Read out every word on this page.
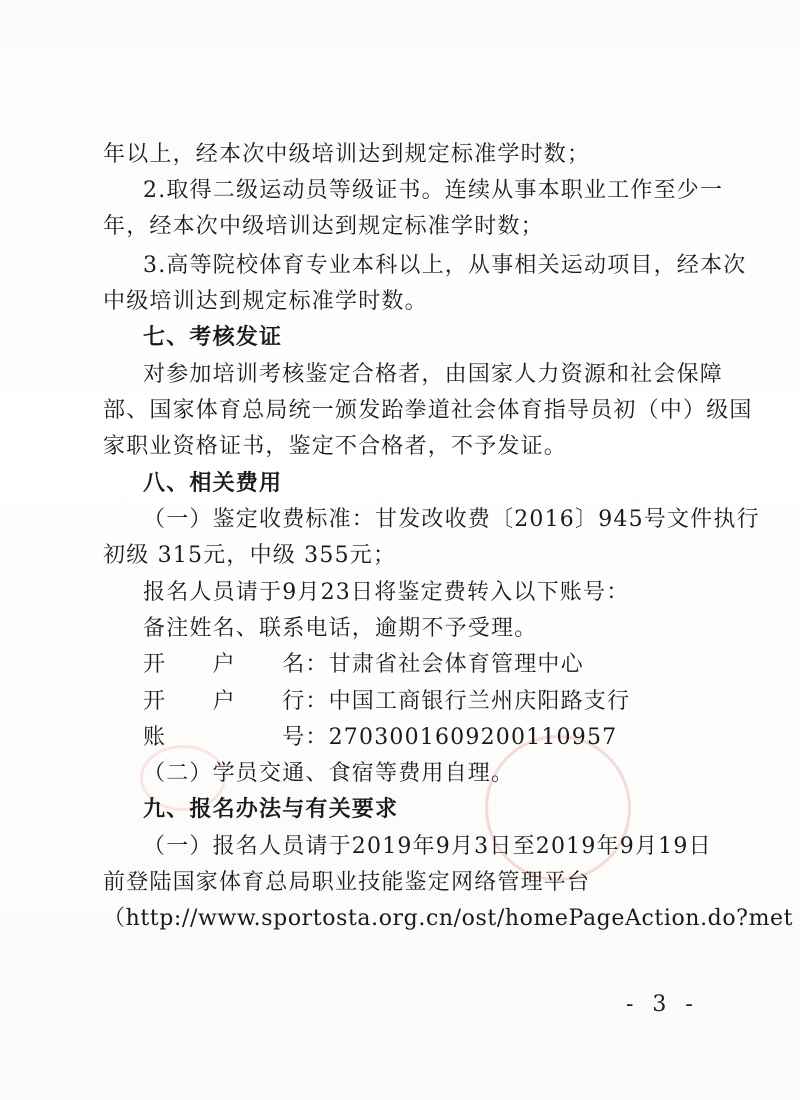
年以上，经本次中级培训达到规定标准学时数；
2.取得二级运动员等级证书。连续从事本职业工作至少一
年，经本次中级培训达到规定标准学时数；
3.高等院校体育专业本科以上，从事相关运动项目，经本次
中级培训达到规定标准学时数。
七、考核发证
对参加培训考核鉴定合格者，由国家人力资源和社会保障
部、国家体育总局统一颁发跆拳道社会体育指导员初（中）级国
家职业资格证书，鉴定不合格者，不予发证。
八、相关费用
（一）鉴定收费标准：甘发改收费〔2016〕945号文件执行
初级 315元，中级 355元；
报名人员请于9月23日将鉴定费转入以下账号：
备注姓名、联系电话，逾期不予受理。
开　　户　　名：甘肃省社会体育管理中心
开　　户　　行：中国工商银行兰州庆阳路支行
账　　　　　号：2703001609200110957
（二）学员交通、食宿等费用自理。
九、报名办法与有关要求
（一）报名人员请于2019年9月3日至2019年9月19日
前登陆国家体育总局职业技能鉴定网络管理平台
（http://www.sportosta.org.cn/ost/homePageAction.do?met
- 3 -
